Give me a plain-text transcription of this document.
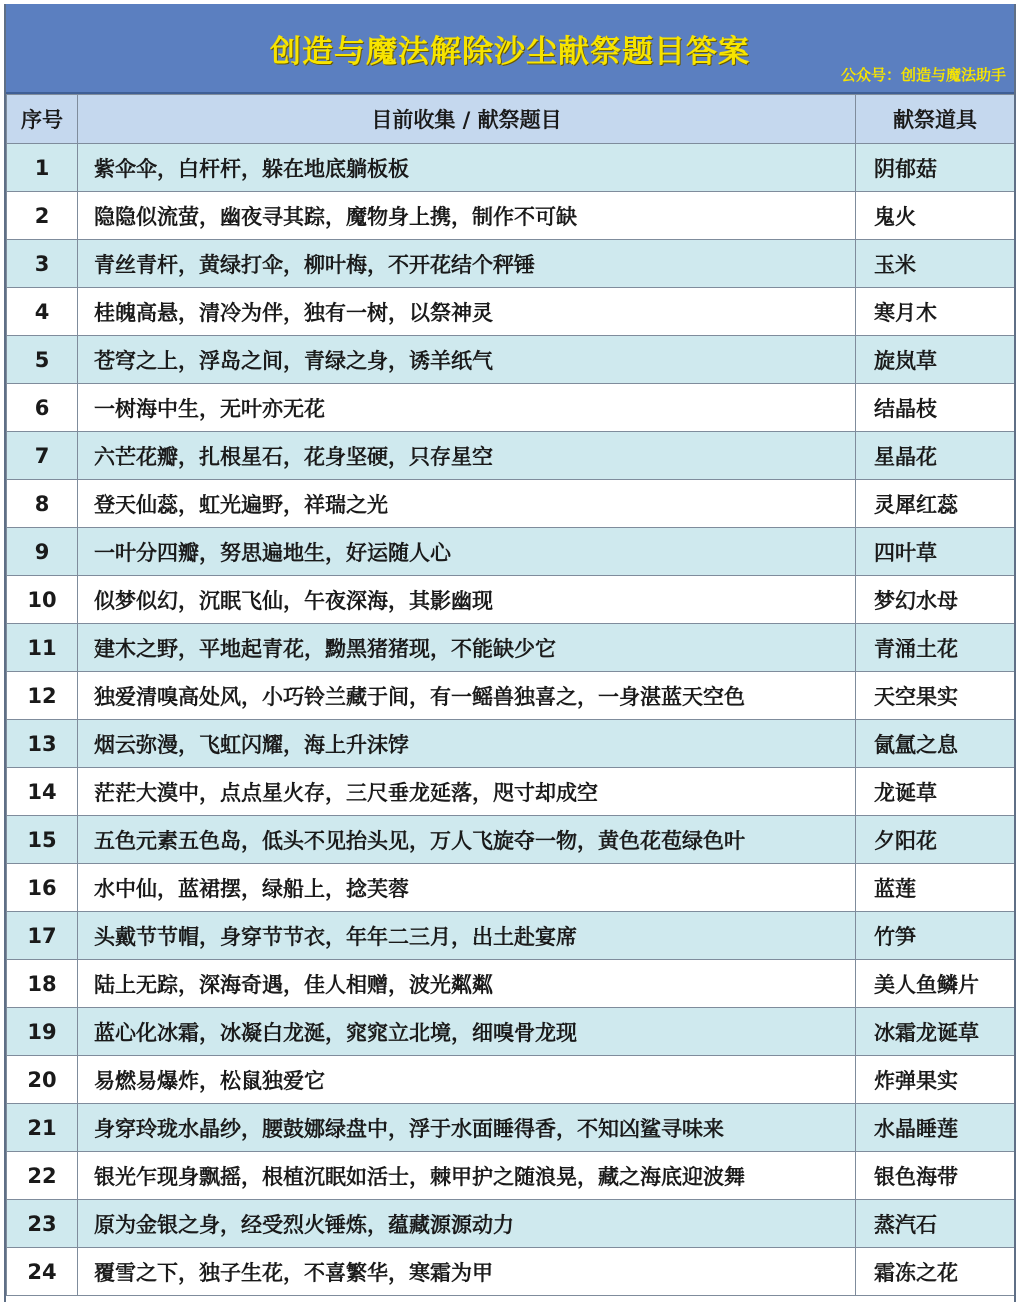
创造与魔法解除沙尘献祭题目答案
公众号：创造与魔法助手
序号	目前收集 / 献祭题目	献祭道具
1	紫伞伞，白杆杆，躲在地底躺板板	阴郁菇
2	隐隐似流萤，幽夜寻其踪，魔物身上携，制作不可缺	鬼火
3	青丝青杆，黄绿打伞，柳叶梅，不开花结个秤锤	玉米
4	桂魄高悬，清冷为伴，独有一树，以祭神灵	寒月木
5	苍穹之上，浮岛之间，青绿之身，诱羊纸气	旋岚草
6	一树海中生，无叶亦无花	结晶枝
7	六芒花瓣，扎根星石，花身坚硬，只存星空	星晶花
8	登天仙蕊，虹光遍野，祥瑞之光	灵犀红蕊
9	一叶分四瓣，努思遍地生，好运随人心	四叶草
10	似梦似幻，沉眠飞仙，午夜深海，其影幽现	梦幻水母
11	建木之野，平地起青花，黝黑猪猪现，不能缺少它	青涌土花
12	独爱清嗅高处风，小巧铃兰藏于间，有一鳐兽独喜之，一身湛蓝天空色	天空果实
13	烟云弥漫，飞虹闪耀，海上升沫饽	氤氲之息
14	茫茫大漠中，点点星火存，三尺垂龙延落，咫寸却成空	龙诞草
15	五色元素五色岛，低头不见抬头见，万人飞旋夺一物，黄色花苞绿色叶	夕阳花
16	水中仙，蓝裙摆，绿船上，捻芙蓉	蓝莲
17	头戴节节帽，身穿节节衣，年年二三月，出土赴宴席	竹笋
18	陆上无踪，深海奇遇，佳人相赠，波光粼粼	美人鱼鳞片
19	蓝心化冰霜，冰凝白龙涎，窕窕立北境，细嗅骨龙现	冰霜龙诞草
20	易燃易爆炸，松鼠独爱它	炸弹果实
21	身穿玲珑水晶纱，腰鼓娜绿盘中，浮于水面睡得香，不知凶鲨寻味来	水晶睡莲
22	银光乍现身飘摇，根植沉眠如活士，棘甲护之随浪晃，藏之海底迎波舞	银色海带
23	原为金银之身，经受烈火锤炼，蕴藏源源动力	蒸汽石
24	覆雪之下，独子生花，不喜繁华，寒霜为甲	霜冻之花
